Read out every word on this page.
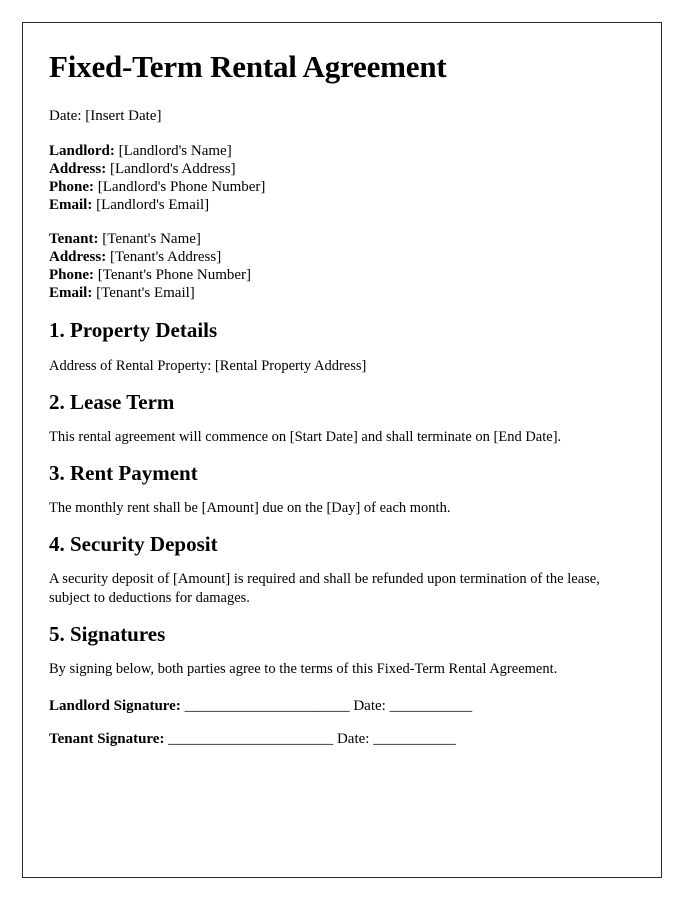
Fixed-Term Rental Agreement
Date: [Insert Date]
Landlord: [Landlord's Name]
Address: [Landlord's Address]
Phone: [Landlord's Phone Number]
Email: [Landlord's Email]
Tenant: [Tenant's Name]
Address: [Tenant's Address]
Phone: [Tenant's Phone Number]
Email: [Tenant's Email]
1. Property Details

Address of Rental Property: [Rental Property Address]

2. Lease Term

This rental agreement will commence on [Start Date] and shall terminate on [End Date].

3. Rent Payment

The monthly rent shall be [Amount] due on the [Day] of each month.

4. Security Deposit

A security deposit of [Amount] is required and shall be refunded upon termination of the lease, subject to deductions for damages.

5. Signatures

By signing below, both parties agree to the terms of this Fixed-Term Rental Agreement.

Landlord Signature: ______________________ Date: ___________
Tenant Signature: ______________________ Date: ___________
